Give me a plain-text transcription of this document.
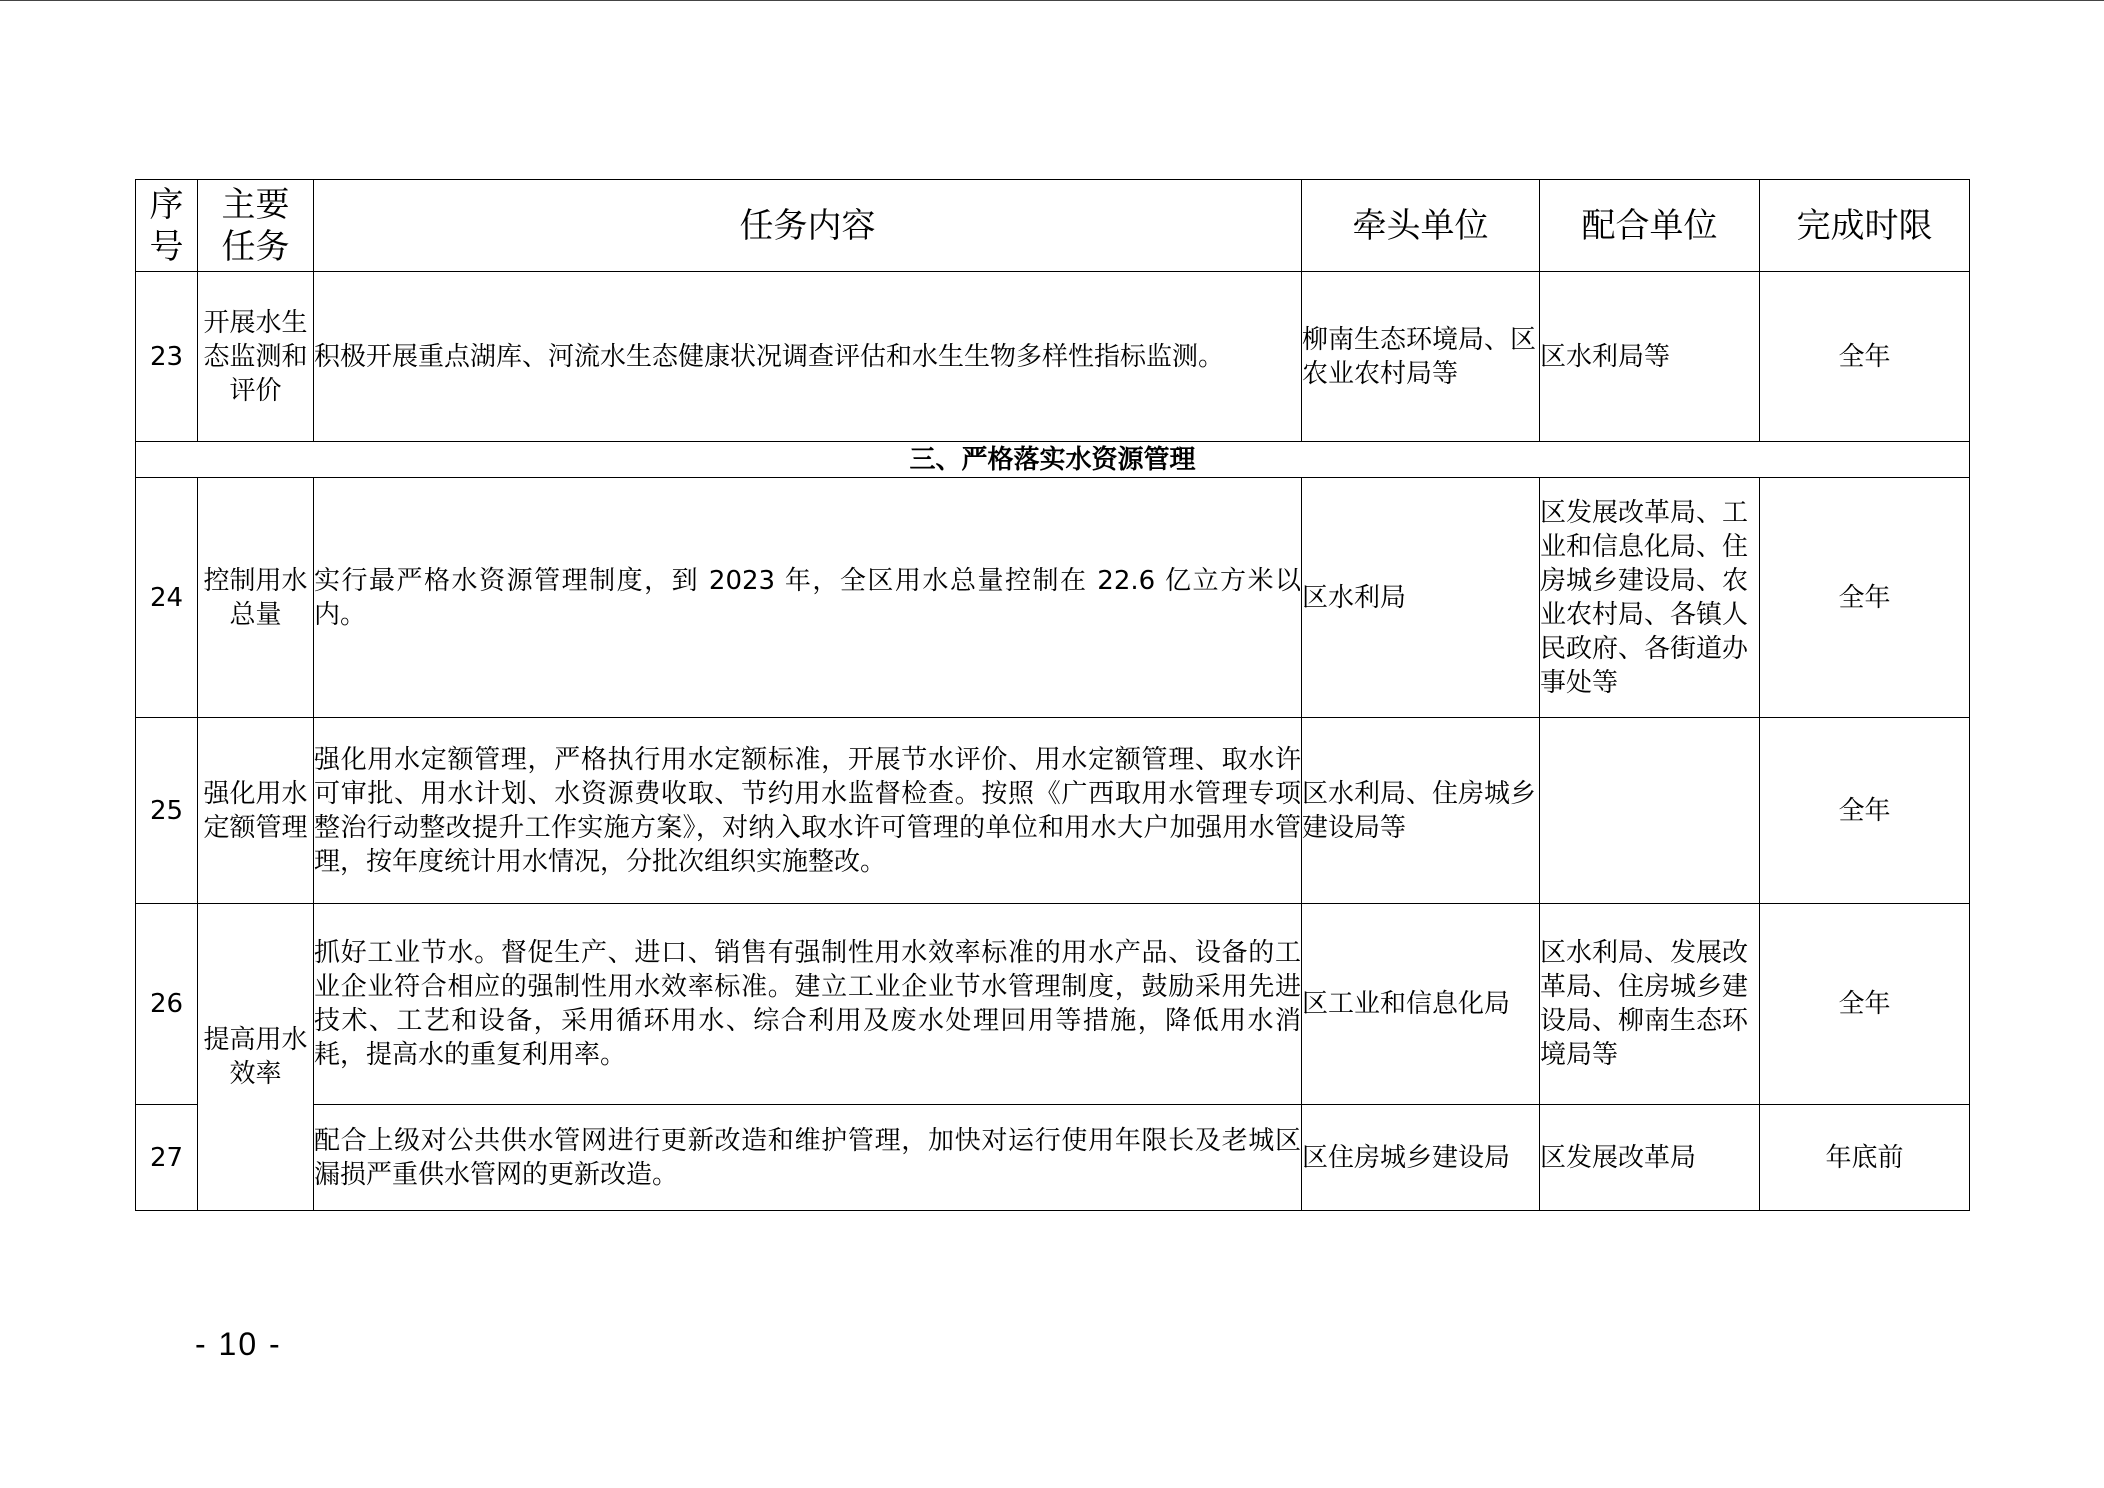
序号	主要任务	任务内容	牵头单位	配合单位	完成时限
23	开展水生态监测和评价	积极开展重点湖库、河流水生态健康状况调查评估和水生生物多样性指标监测。	柳南生态环境局、区农业农村局等	区水利局等	全年
三、严格落实水资源管理					
24	控制用水总量	实行最严格水资源管理制度，到 2023 年，全区用水总量控制在 22.6 亿立方米以内。	区水利局	区发展改革局、工业和信息化局、住房城乡建设局、农业农村局、各镇人民政府、各街道办事处等	全年
25	强化用水定额管理	强化用水定额管理，严格执行用水定额标准，开展节水评价、用水定额管理、取水许可审批、用水计划、水资源费收取、节约用水监督检查。按照《广西取用水管理专项整治行动整改提升工作实施方案》，对纳入取水许可管理的单位和用水大户加强用水管理，按年度统计用水情况，分批次组织实施整改。	区水利局、住房城乡建设局等		全年
26	提高用水效率	抓好工业节水。督促生产、进口、销售有强制性用水效率标准的用水产品、设备的工业企业符合相应的强制性用水效率标准。建立工业企业节水管理制度，鼓励采用先进技术、工艺和设备，采用循环用水、综合利用及废水处理回用等措施，降低用水消耗，提高水的重复利用率。	区工业和信息化局	区水利局、发展改革局、住房城乡建设局、柳南生态环境局等	全年
27		配合上级对公共供水管网进行更新改造和维护管理，加快对运行使用年限长及老城区漏损严重供水管网的更新改造。	区住房城乡建设局	区发展改革局	年底前
- 10 -
